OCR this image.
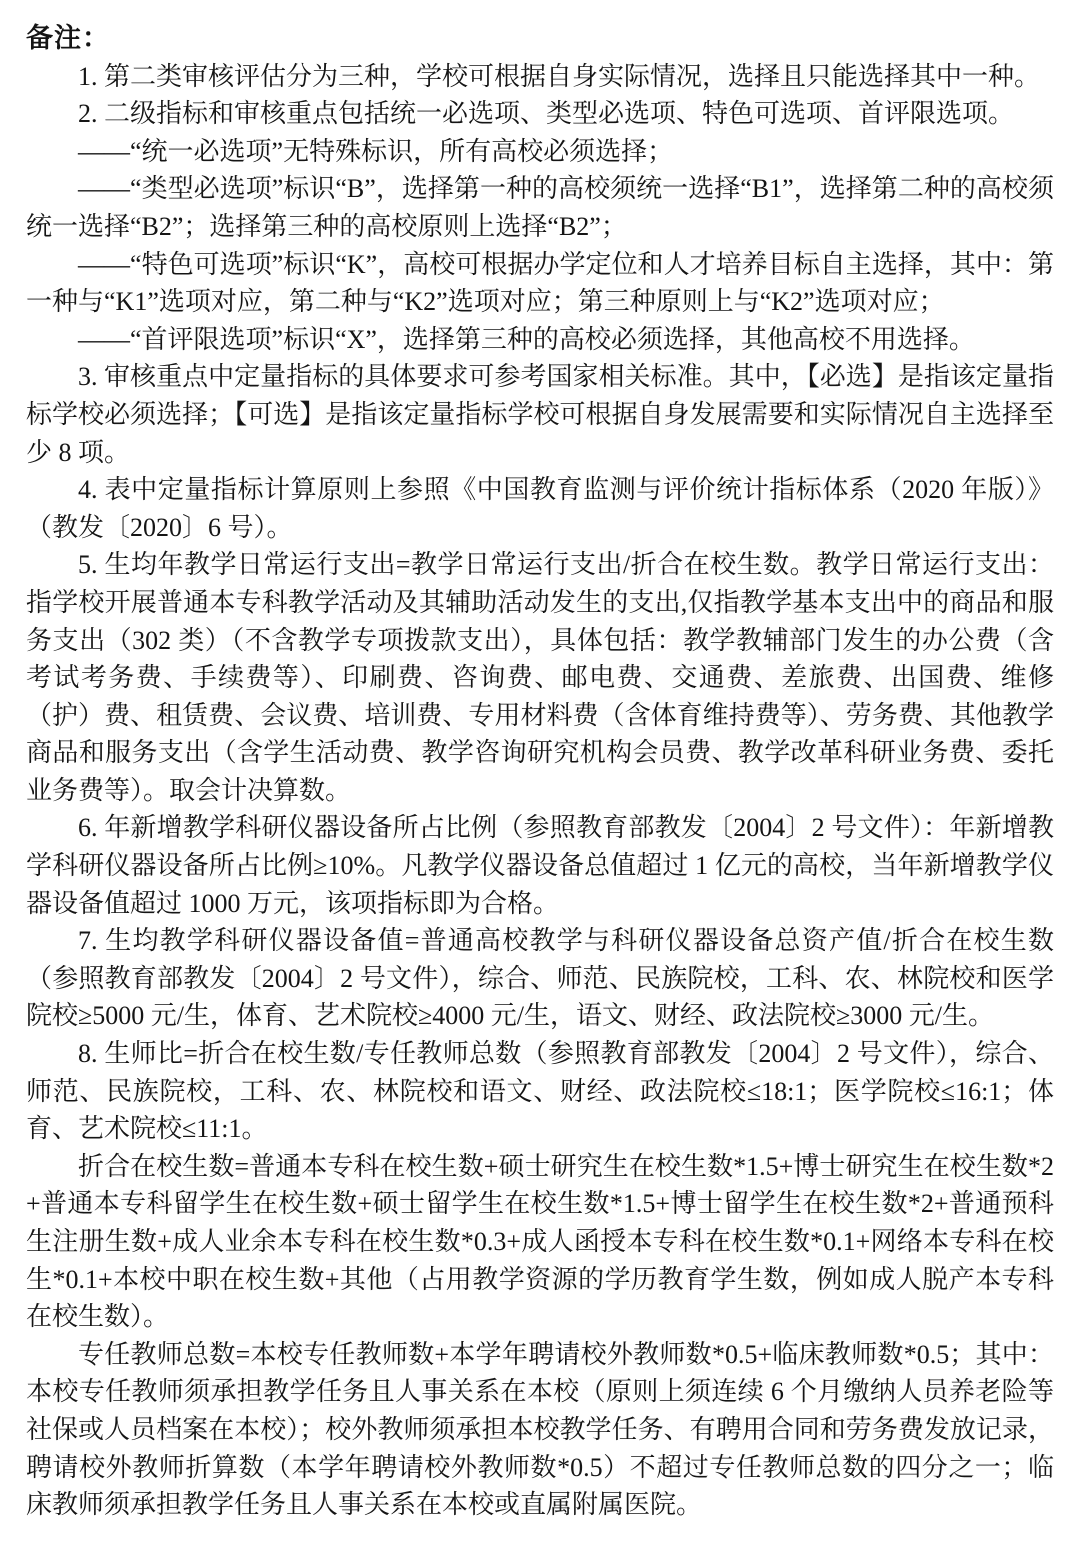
备注：

1. 第二类审核评估分为三种，学校可根据自身实际情况，选择且只能选择其中一种。

2. 二级指标和审核重点包括统一必选项、类型必选项、特色可选项、首评限选项。

——“统一必选项”无特殊标识，所有高校必须选择；

——“类型必选项”标识“B”，选择第一种的高校须统一选择“B1”，选择第二种的高校须统一选择“B2”；选择第三种的高校原则上选择“B2”；

——“特色可选项”标识“K”，高校可根据办学定位和人才培养目标自主选择，其中：第一种与“K1”选项对应，第二种与“K2”选项对应；第三种原则上与“K2”选项对应；

——“首评限选项”标识“X”，选择第三种的高校必须选择，其他高校不用选择。

3. 审核重点中定量指标的具体要求可参考国家相关标准。其中，【必选】是指该定量指标学校必须选择；【可选】是指该定量指标学校可根据自身发展需要和实际情况自主选择至少 8 项。

4. 表中定量指标计算原则上参照《中国教育监测与评价统计指标体系（2020 年版）》（教发〔2020〕6 号）。

5. 生均年教学日常运行支出=教学日常运行支出/折合在校生数。教学日常运行支出：指学校开展普通本专科教学活动及其辅助活动发生的支出,仅指教学基本支出中的商品和服务支出（302 类）（不含教学专项拨款支出），具体包括：教学教辅部门发生的办公费（含考试考务费、手续费等）、印刷费、咨询费、邮电费、交通费、差旅费、出国费、维修（护）费、租赁费、会议费、培训费、专用材料费（含体育维持费等）、劳务费、其他教学商品和服务支出（含学生活动费、教学咨询研究机构会员费、教学改革科研业务费、委托业务费等）。取会计决算数。

6. 年新增教学科研仪器设备所占比例（参照教育部教发〔2004〕2 号文件）：年新增教学科研仪器设备所占比例≥10%。凡教学仪器设备总值超过 1 亿元的高校，当年新增教学仪器设备值超过 1000 万元，该项指标即为合格。

7. 生均教学科研仪器设备值=普通高校教学与科研仪器设备总资产值/折合在校生数（参照教育部教发〔2004〕2 号文件），综合、师范、民族院校，工科、农、林院校和医学院校≥5000 元/生，体育、艺术院校≥4000 元/生，语文、财经、政法院校≥3000 元/生。

8. 生师比=折合在校生数/专任教师总数（参照教育部教发〔2004〕2 号文件），综合、师范、民族院校，工科、农、林院校和语文、财经、政法院校≤18:1；医学院校≤16:1；体育、艺术院校≤11:1。

折合在校生数=普通本专科在校生数+硕士研究生在校生数*1.5+博士研究生在校生数*2+普通本专科留学生在校生数+硕士留学生在校生数*1.5+博士留学生在校生数*2+普通预科生注册生数+成人业余本专科在校生数*0.3+成人函授本专科在校生数*0.1+网络本专科在校生*0.1+本校中职在校生数+其他（占用教学资源的学历教育学生数，例如成人脱产本专科在校生数）。

专任教师总数=本校专任教师数+本学年聘请校外教师数*0.5+临床教师数*0.5；其中：本校专任教师须承担教学任务且人事关系在本校（原则上须连续 6 个月缴纳人员养老险等社保或人员档案在本校）；校外教师须承担本校教学任务、有聘用合同和劳务费发放记录，聘请校外教师折算数（本学年聘请校外教师数*0.5）不超过专任教师总数的四分之一；临床教师须承担教学任务且人事关系在本校或直属附属医院。
